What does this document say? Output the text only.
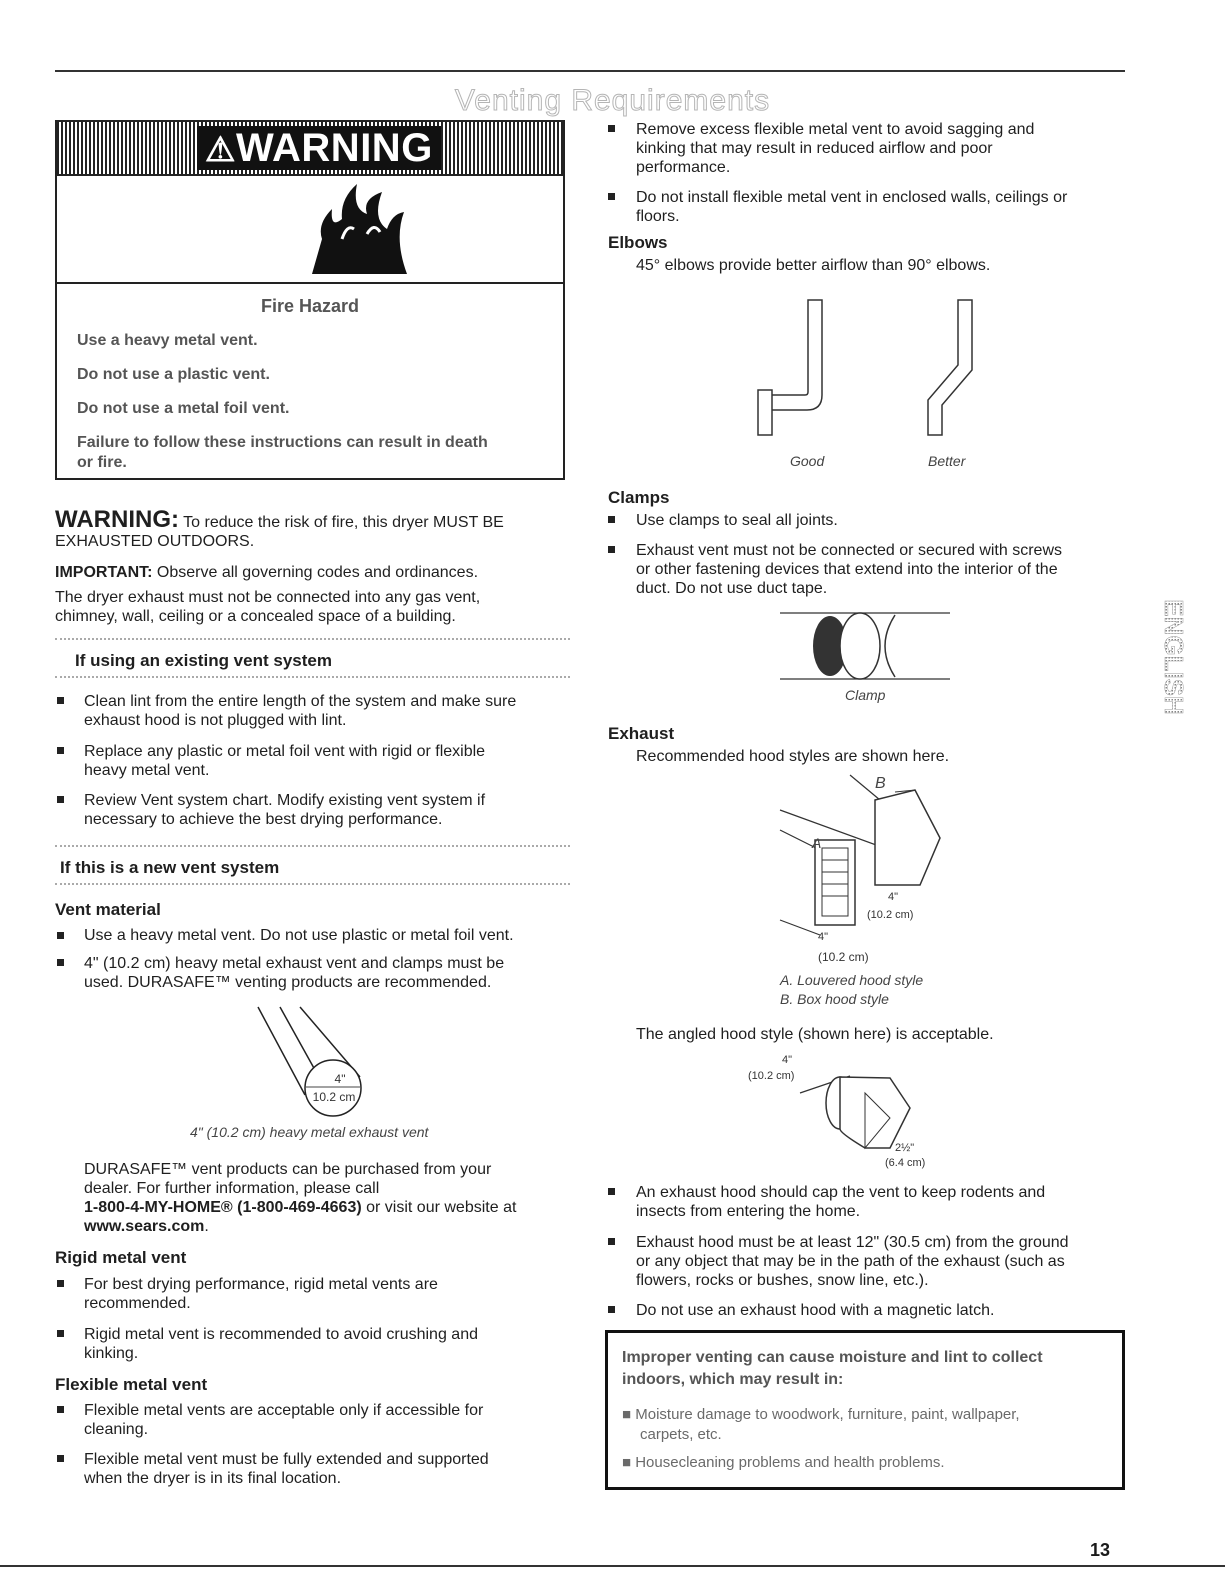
Venting Requirements
⚠WARNING
Fire Hazard
Use a heavy metal vent.
Do not use a plastic vent.
Do not use a metal foil vent.
Failure to follow these instructions can result in death
or fire.
WARNING: To reduce the risk of fire, this dryer MUST BE
EXHAUSTED OUTDOORS.
IMPORTANT: Observe all governing codes and ordinances.
The dryer exhaust must not be connected into any gas vent,
chimney, wall, ceiling or a concealed space of a building.
If using an existing vent system
Clean lint from the entire length of the system and make sure
exhaust hood is not plugged with lint.
Replace any plastic or metal foil vent with rigid or flexible
heavy metal vent.
Review Vent system chart. Modify existing vent system if
necessary to achieve the best drying performance.
If this is a new vent system
Vent material
Use a heavy metal vent. Do not use plastic or metal foil vent.
4" (10.2 cm) heavy metal exhaust vent and clamps must be
used. DURASAFE™ venting products are recommended.
4"
10.2 cm
4" (10.2 cm) heavy metal exhaust vent
DURASAFE™ vent products can be purchased from your
dealer. For further information, please call
1-800-4-MY-HOME® (1-800-469-4663) or visit our website at
www.sears.com.
Rigid metal vent
For best drying performance, rigid metal vents are
recommended.
Rigid metal vent is recommended to avoid crushing and
kinking.
Flexible metal vent
Flexible metal vents are acceptable only if accessible for
cleaning.
Flexible metal vent must be fully extended and supported
when the dryer is in its final location.
Remove excess flexible metal vent to avoid sagging and
kinking that may result in reduced airflow and poor
performance.
Do not install flexible metal vent in enclosed walls, ceilings or
floors.
Elbows
45° elbows provide better airflow than 90° elbows.
Good	Better
Clamps
Use clamps to seal all joints.
Exhaust vent must not be connected or secured with screws
or other fastening devices that extend into the interior of the
duct. Do not use duct tape.
Clamp
Exhaust
Recommended hood styles are shown here.
B
A
4"
(10.2 cm)
4"
(10.2 cm)
A. Louvered hood style
B. Box hood style
The angled hood style (shown here) is acceptable.
4"
(10.2 cm)
2½"
(6.4 cm)
An exhaust hood should cap the vent to keep rodents and
insects from entering the home.
Exhaust hood must be at least 12" (30.5 cm) from the ground
or any object that may be in the path of the exhaust (such as
flowers, rocks or bushes, snow line, etc.).
Do not use an exhaust hood with a magnetic latch.
Improper venting can cause moisture and lint to collect
indoors, which may result in:
■ Moisture damage to woodwork, furniture, paint, wallpaper,
carpets, etc.
■ Housecleaning problems and health problems.
ENGLISH
13
